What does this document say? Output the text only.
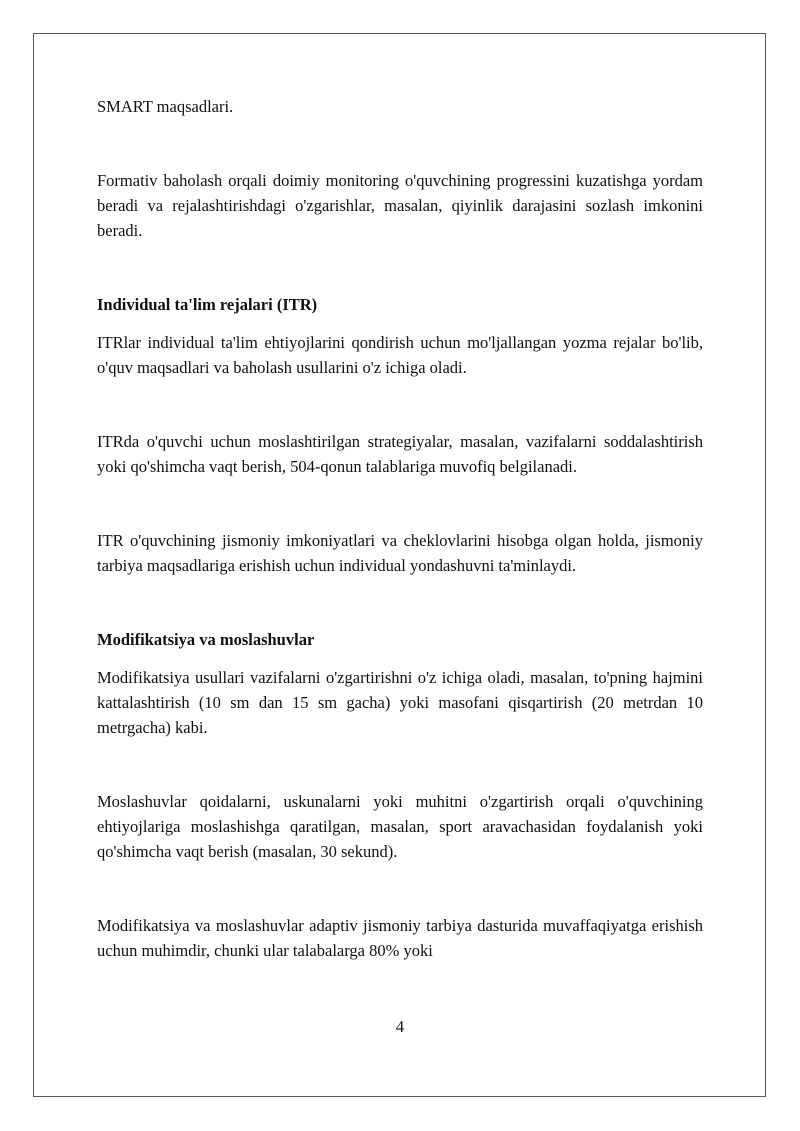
SMART maqsadlari.

Formativ baholash orqali doimiy monitoring o'quvchining progressini kuzatishga yordam beradi va rejalashtirishdagi o'zgarishlar, masalan, qiyinlik darajasini sozlash imkonini beradi.

Individual ta'lim rejalari (ITR)

ITRlar individual ta'lim ehtiyojlarini qondirish uchun mo'ljallangan yozma rejalar bo'lib, o'quv maqsadlari va baholash usullarini o'z ichiga oladi.

ITRda o'quvchi uchun moslashtirilgan strategiyalar, masalan, vazifalarni soddalashtirish yoki qo'shimcha vaqt berish, 504-qonun talablariga muvofiq belgilanadi.

ITR o'quvchining jismoniy imkoniyatlari va cheklovlarini hisobga olgan holda, jismoniy tarbiya maqsadlariga erishish uchun individual yondashuvni ta'minlaydi.

Modifikatsiya va moslashuvlar

Modifikatsiya usullari vazifalarni o'zgartirishni o'z ichiga oladi, masalan, to'pning hajmini kattalashtirish (10 sm dan 15 sm gacha) yoki masofani qisqartirish (20 metrdan 10 metrgacha) kabi.

Moslashuvlar qoidalarni, uskunalarni yoki muhitni o'zgartirish orqali o'quvchining ehtiyojlariga moslashishga qaratilgan, masalan, sport aravachasidan foydalanish yoki qo'shimcha vaqt berish (masalan, 30 sekund).

Modifikatsiya va moslashuvlar adaptiv jismoniy tarbiya dasturida muvaffaqiyatga erishish uchun muhimdir, chunki ular talabalarga 80% yoki

4
